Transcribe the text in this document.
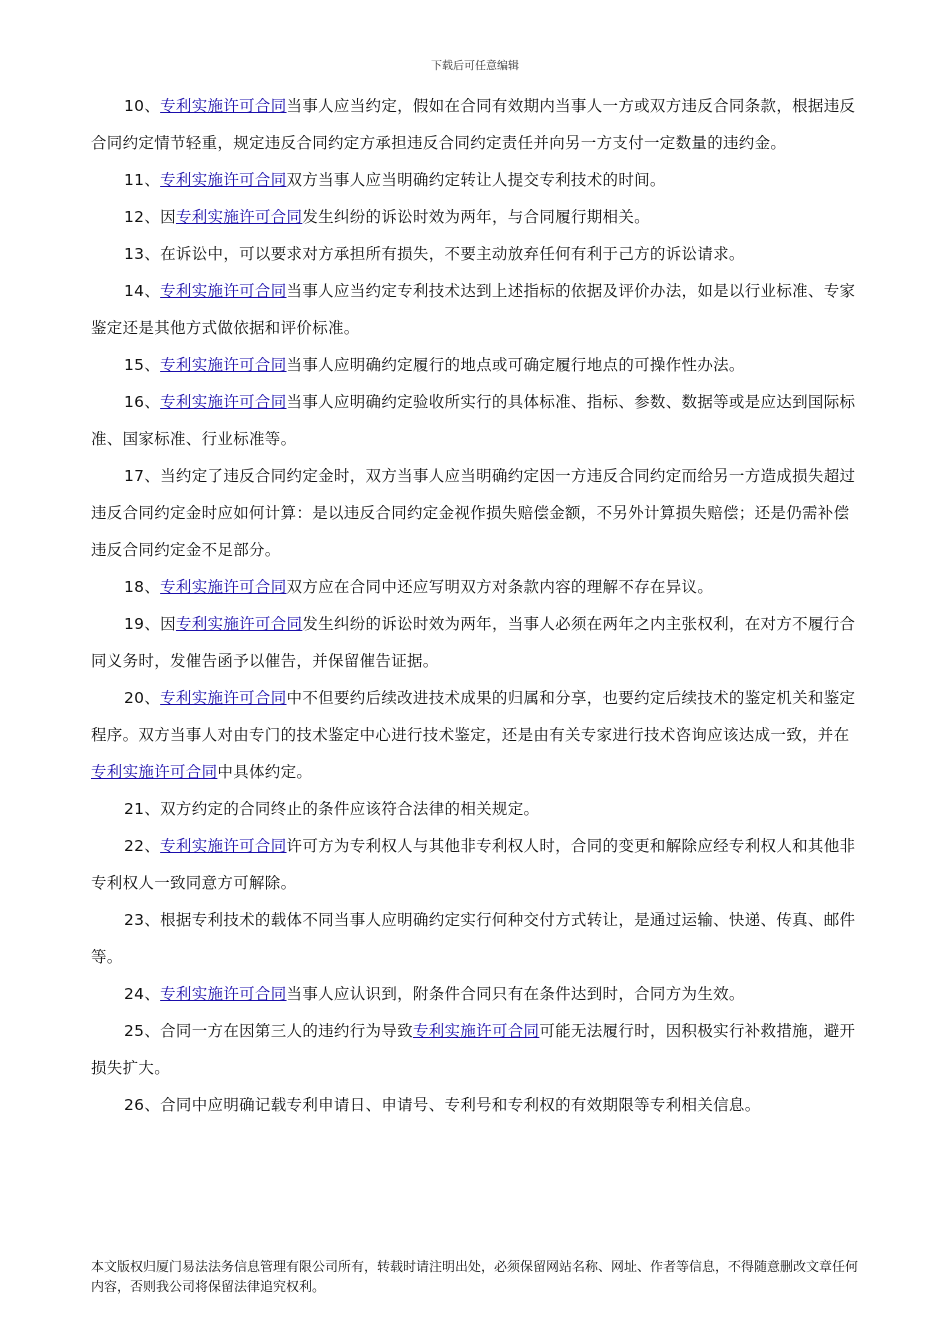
下载后可任意编辑

10、专利实施许可合同当事人应当约定，假如在合同有效期内当事人一方或双方违反合同条款，根据违反合同约定情节轻重，规定违反合同约定方承担违反合同约定责任并向另一方支付一定数量的违约金。

11、专利实施许可合同双方当事人应当明确约定转让人提交专利技术的时间。

12、因专利实施许可合同发生纠纷的诉讼时效为两年，与合同履行期相关。

13、在诉讼中，可以要求对方承担所有损失，不要主动放弃任何有利于己方的诉讼请求。

14、专利实施许可合同当事人应当约定专利技术达到上述指标的依据及评价办法，如是以行业标准、专家鉴定还是其他方式做依据和评价标准。

15、专利实施许可合同当事人应明确约定履行的地点或可确定履行地点的可操作性办法。

16、专利实施许可合同当事人应明确约定验收所实行的具体标准、指标、参数、数据等或是应达到国际标准、国家标准、行业标准等。

17、当约定了违反合同约定金时，双方当事人应当明确约定因一方违反合同约定而给另一方造成损失超过违反合同约定金时应如何计算：是以违反合同约定金视作损失赔偿金额，不另外计算损失赔偿；还是仍需补偿违反合同约定金不足部分。

18、专利实施许可合同双方应在合同中还应写明双方对条款内容的理解不存在异议。

19、因专利实施许可合同发生纠纷的诉讼时效为两年，当事人必须在两年之内主张权利，在对方不履行合同义务时，发催告函予以催告，并保留催告证据。

20、专利实施许可合同中不但要约后续改进技术成果的归属和分享，也要约定后续技术的鉴定机关和鉴定程序。双方当事人对由专门的技术鉴定中心进行技术鉴定，还是由有关专家进行技术咨询应该达成一致，并在专利实施许可合同中具体约定。

21、双方约定的合同终止的条件应该符合法律的相关规定。

22、专利实施许可合同许可方为专利权人与其他非专利权人时，合同的变更和解除应经专利权人和其他非专利权人一致同意方可解除。

23、根据专利技术的载体不同当事人应明确约定实行何种交付方式转让，是通过运输、快递、传真、邮件等。

24、专利实施许可合同当事人应认识到，附条件合同只有在条件达到时，合同方为生效。

25、合同一方在因第三人的违约行为导致专利实施许可合同可能无法履行时，因积极实行补救措施，避开损失扩大。

26、合同中应明确记载专利申请日、申请号、专利号和专利权的有效期限等专利相关信息。

本文版权归厦门易法法务信息管理有限公司所有，转载时请注明出处，必须保留网站名称、网址、作者等信息，不得随意删改文章任何内容，否则我公司将保留法律追究权利。
